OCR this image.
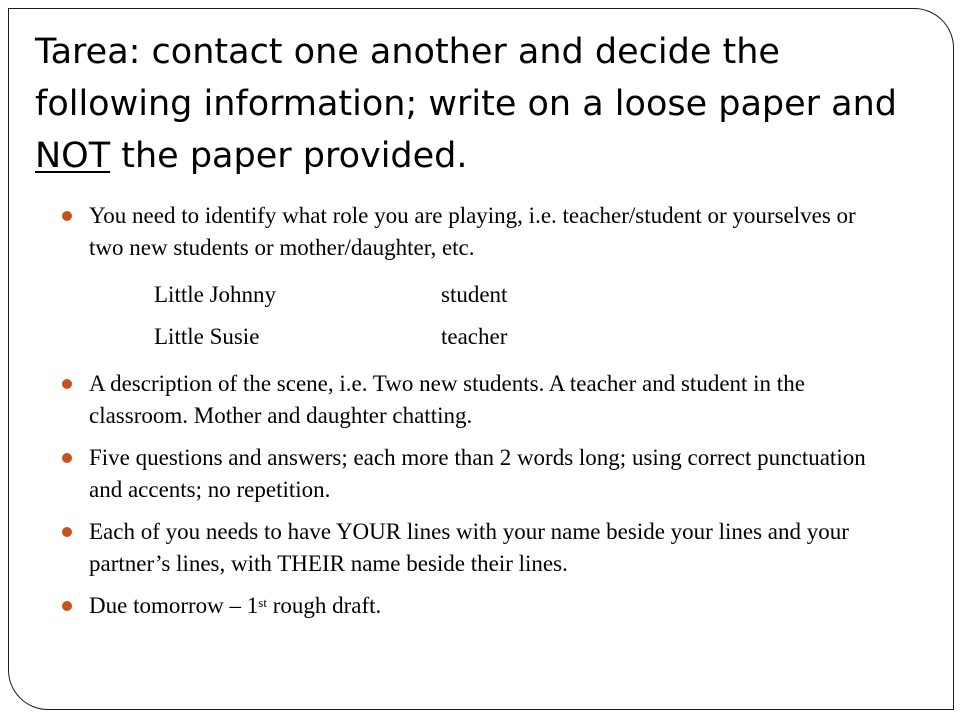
Tarea: contact one another and decide the following information; write on a loose paper and NOT the paper provided.
You need to identify what role you are playing, i.e. teacher/student or yourselves or two new students or mother/daughter, etc.
Little Johnny	student
Little Susie	teacher
A description of the scene, i.e. Two new students. A teacher and student in the classroom. Mother and daughter chatting.
Five questions and answers; each more than 2 words long; using correct punctuation and accents; no repetition.
Each of you needs to have YOUR lines with your name beside your lines and your partner’s lines, with THEIR name beside their lines.
Due tomorrow – 1st rough draft.
